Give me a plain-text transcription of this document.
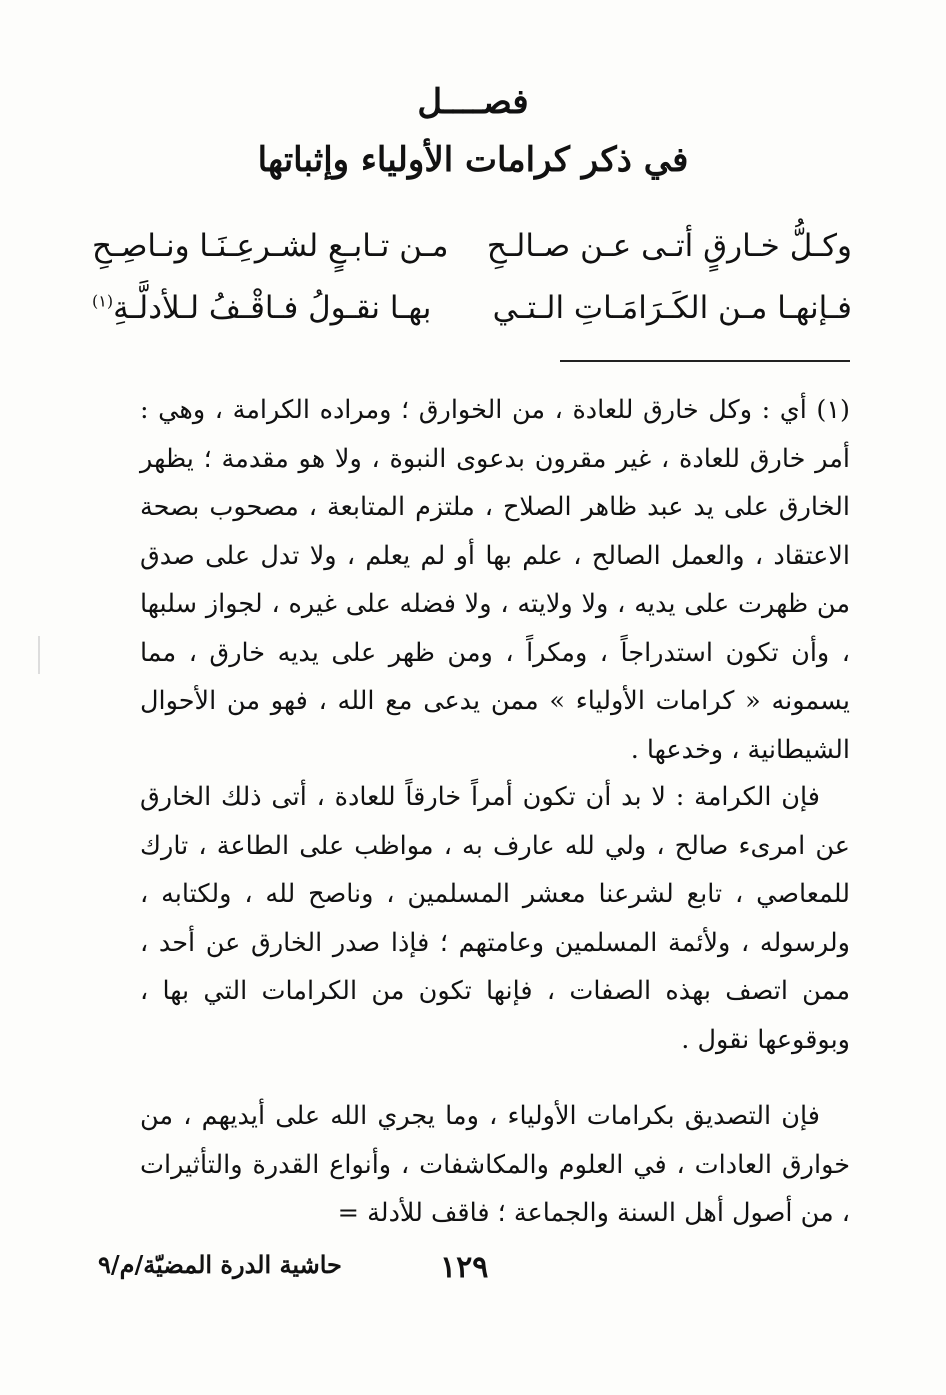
فصــــل
في ذكر كرامات الأولياء وإثباتها
وكـلُّ خـارقٍ أتـى عـن صـالـحِ
مـن تـابـعٍ لشـرعِـنَـا ونـاصِـحِ
فـإنهـا مـن الكَـرَامَـاتِ الـتـي
بهـا نقـولُ فـاقْـفُ لـلأدلَّـةِ$^{(١)}$
(١) أي : وكل خارق للعادة ، من الخوارق ؛ ومراده الكرامة ، وهي : أمر خارق للعادة ، غير مقرون بدعوى النبوة ، ولا هو مقدمة ؛ يظهر الخارق على يد عبد ظاهر الصلاح ، ملتزم المتابعة ، مصحوب بصحة الاعتقاد ، والعمل الصالح ، علم بها أو لم يعلم ، ولا تدل على صدق من ظهرت على يديه ، ولا ولايته ، ولا فضله على غيره ، لجواز سلبها ، وأن تكون استدراجاً ، ومكراً ، ومن ظهر على يديه خارق ، مما يسمونه « كرامات الأولياء » ممن يدعى مع الله ، فهو من الأحوال الشيطانية ، وخدعها .
فإن الكرامة : لا بد أن تكون أمراً خارقاً للعادة ، أتى ذلك الخارق عن امرىء صالح ، ولي لله عارف به ، مواظب على الطاعة ، تارك للمعاصي ، تابع لشرعنا معشر المسلمين ، وناصح لله ، ولكتابه ، ولرسوله ، ولأئمة المسلمين وعامتهم ؛ فإذا صدر الخارق عن أحد ، ممن اتصف بهذه الصفات ، فإنها تكون من الكرامات التي بها ، وبوقوعها نقول .
فإن التصديق بكرامات الأولياء ، وما يجري الله على أيديهم ، من خوارق العادات ، في العلوم والمكاشفات ، وأنواع القدرة والتأثيرات ، من أصول أهل السنة والجماعة ؛ فاقف للأدلة =
١٢٩
حاشية الدرة المضيّة/م/٩
